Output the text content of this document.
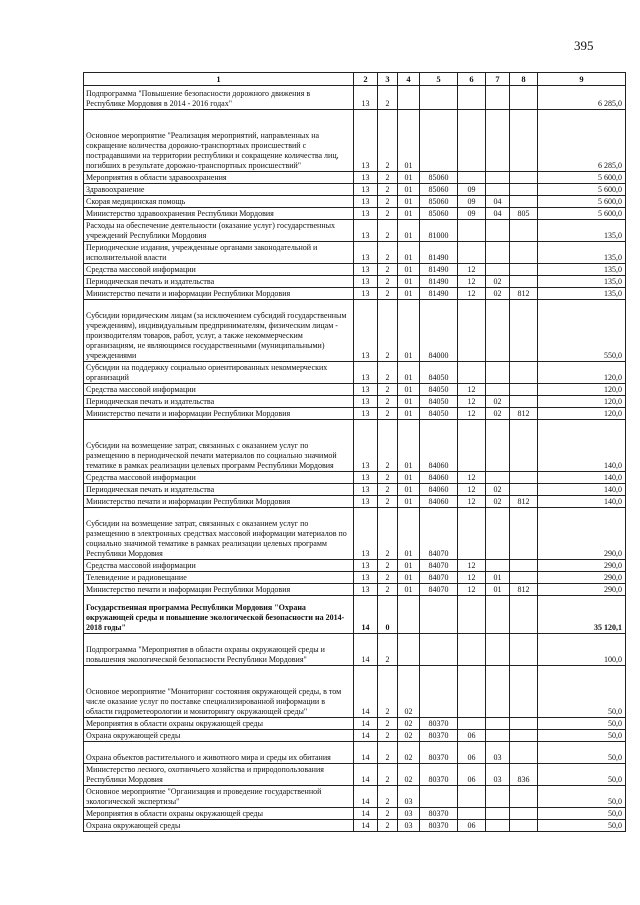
395
1	2	3	4	5	6	7	8	9
Подпрограмма "Повышение безопасности дорожного движения в Республике Мордовия в 2014 - 2016 годах"	13	2						6 285,0
Основное мероприятие "Реализация мероприятий, направленных на сокращение количества дорожно-транспортных происшествий с пострадавшими на территории республики и сокращение количества лиц, погибших в результате дорожно-транспортных происшествий"	13	2	01					6 285,0
Мероприятия в области здравоохранения	13	2	01	85060				5 600,0
Здравоохранение	13	2	01	85060	09			5 600,0
Скорая медицинская помощь	13	2	01	85060	09	04		5 600,0
Министерство здравоохранения Республики Мордовия	13	2	01	85060	09	04	805	5 600,0
Расходы на обеспечение деятельности (оказание услуг) государственных учреждений Республики Мордовия	13	2	01	81000				135,0
Периодические издания, учрежденные органами законодательной и исполнительной власти	13	2	01	81490				135,0
Средства массовой информации	13	2	01	81490	12			135,0
Периодическая печать и издательства	13	2	01	81490	12	02		135,0
Министерство печати и информации Республики Мордовия	13	2	01	81490	12	02	812	135,0
Субсидии юридическим лицам (за исключением субсидий государственным учреждениям), индивидуальным предпринимателям, физическим лицам - производителям товаров, работ, услуг, а также некоммерческим организациям, не являющимся государственными (муниципальными) учреждениями	13	2	01	84000				550,0
Субсидии на поддержку социально ориентированных некоммерческих организаций	13	2	01	84050				120,0
Средства массовой информации	13	2	01	84050	12			120,0
Периодическая печать и издательства	13	2	01	84050	12	02		120,0
Министерство печати и информации Республики Мордовия	13	2	01	84050	12	02	812	120,0
Субсидии на возмещение затрат, связанных с оказанием услуг по размещению в периодической печати материалов по социально значимой тематике в рамках реализации целевых программ Республики Мордовия	13	2	01	84060				140,0
Средства массовой информации	13	2	01	84060	12			140,0
Периодическая печать и издательства	13	2	01	84060	12	02		140,0
Министерство печати и информации Республики Мордовия	13	2	01	84060	12	02	812	140,0
Субсидии на возмещение затрат, связанных с оказанием услуг по размещению в электронных средствах массовой информации материалов по социально значимой тематике в рамках реализации целевых программ Республики Мордовия	13	2	01	84070				290,0
Средства массовой информации	13	2	01	84070	12			290,0
Телевидение и радиовещание	13	2	01	84070	12	01		290,0
Министерство печати и информации Республики Мордовия	13	2	01	84070	12	01	812	290,0
Государственная программа Республики Мордовия "Охрана окружающей среды и повышение экологической безопасности на 2014-2018 годы"	14	0						35 120,1
Подпрограмма "Мероприятия в области охраны окружающей среды и повышения экологической безопасности Республики Мордовия"	14	2						100,0
Основное мероприятие "Мониторинг состояния окружающей среды, в том числе оказание услуг по поставке специализированной информации в области гидрометеорологии и мониторингу окружающей среды"	14	2	02					50,0
Мероприятия в области охраны окружающей среды	14	2	02	80370				50,0
Охрана окружающей среды	14	2	02	80370	06			50,0
Охрана объектов растительного и животного мира и среды их обитания	14	2	02	80370	06	03		50,0
Министерство лесного, охотничьего хозяйства и природопользования Республики Мордовия	14	2	02	80370	06	03	836	50,0
Основное мероприятие "Организация и проведение государственной экологической экспертизы"	14	2	03					50,0
Мероприятия в области охраны окружающей среды	14	2	03	80370				50,0
Охрана окружающей среды	14	2	03	80370	06			50,0
